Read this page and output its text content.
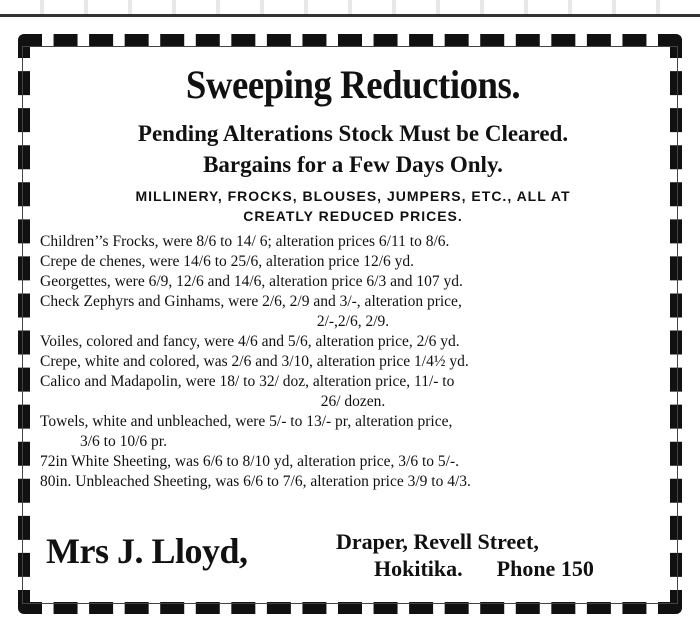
Sweeping Reductions.

Pending Alterations Stock Must be Cleared.

Bargains for a Few Days Only.

MILLINERY, FROCKS, BLOUSES, JUMPERS, ETC., ALL AT
CREATLY REDUCED PRICES.
Children’’s Frocks, were 8/6 to 14/ 6; alteration prices 6/11 to 8/6.
Crepe de chenes, were 14/6 to 25/6, alteration price 12/6 yd.
Georgettes, were 6/9, 12/6 and 14/6, alteration price 6/3 and 107 yd.
Check Zephyrs and Ginhams, were 2/6, 2/9 and 3/-, alteration price,
2/-,2/6, 2/9.
Voiles, colored and fancy, were 4/6 and 5/6, alteration price, 2/6 yd.
Crepe, white and colored, was 2/6 and 3/10, alteration price 1/4½ yd.
Calico and Madapolin, were 18/ to 32/ doz, alteration price, 11/- to
26/ dozen.
Towels, white and unbleached, were 5/- to 13/- pr, alteration price,
3/6 to 10/6 pr.
72in White Sheeting, was 6/6 to 8/10 yd, alteration price, 3/6 to 5/-.
80in. Unbleached Sheeting, was 6/6 to 7/6, alteration price 3/9 to 4/3.
Mrs J. Lloyd,	Draper, Revell Street,
Hokitika. Phone 150
